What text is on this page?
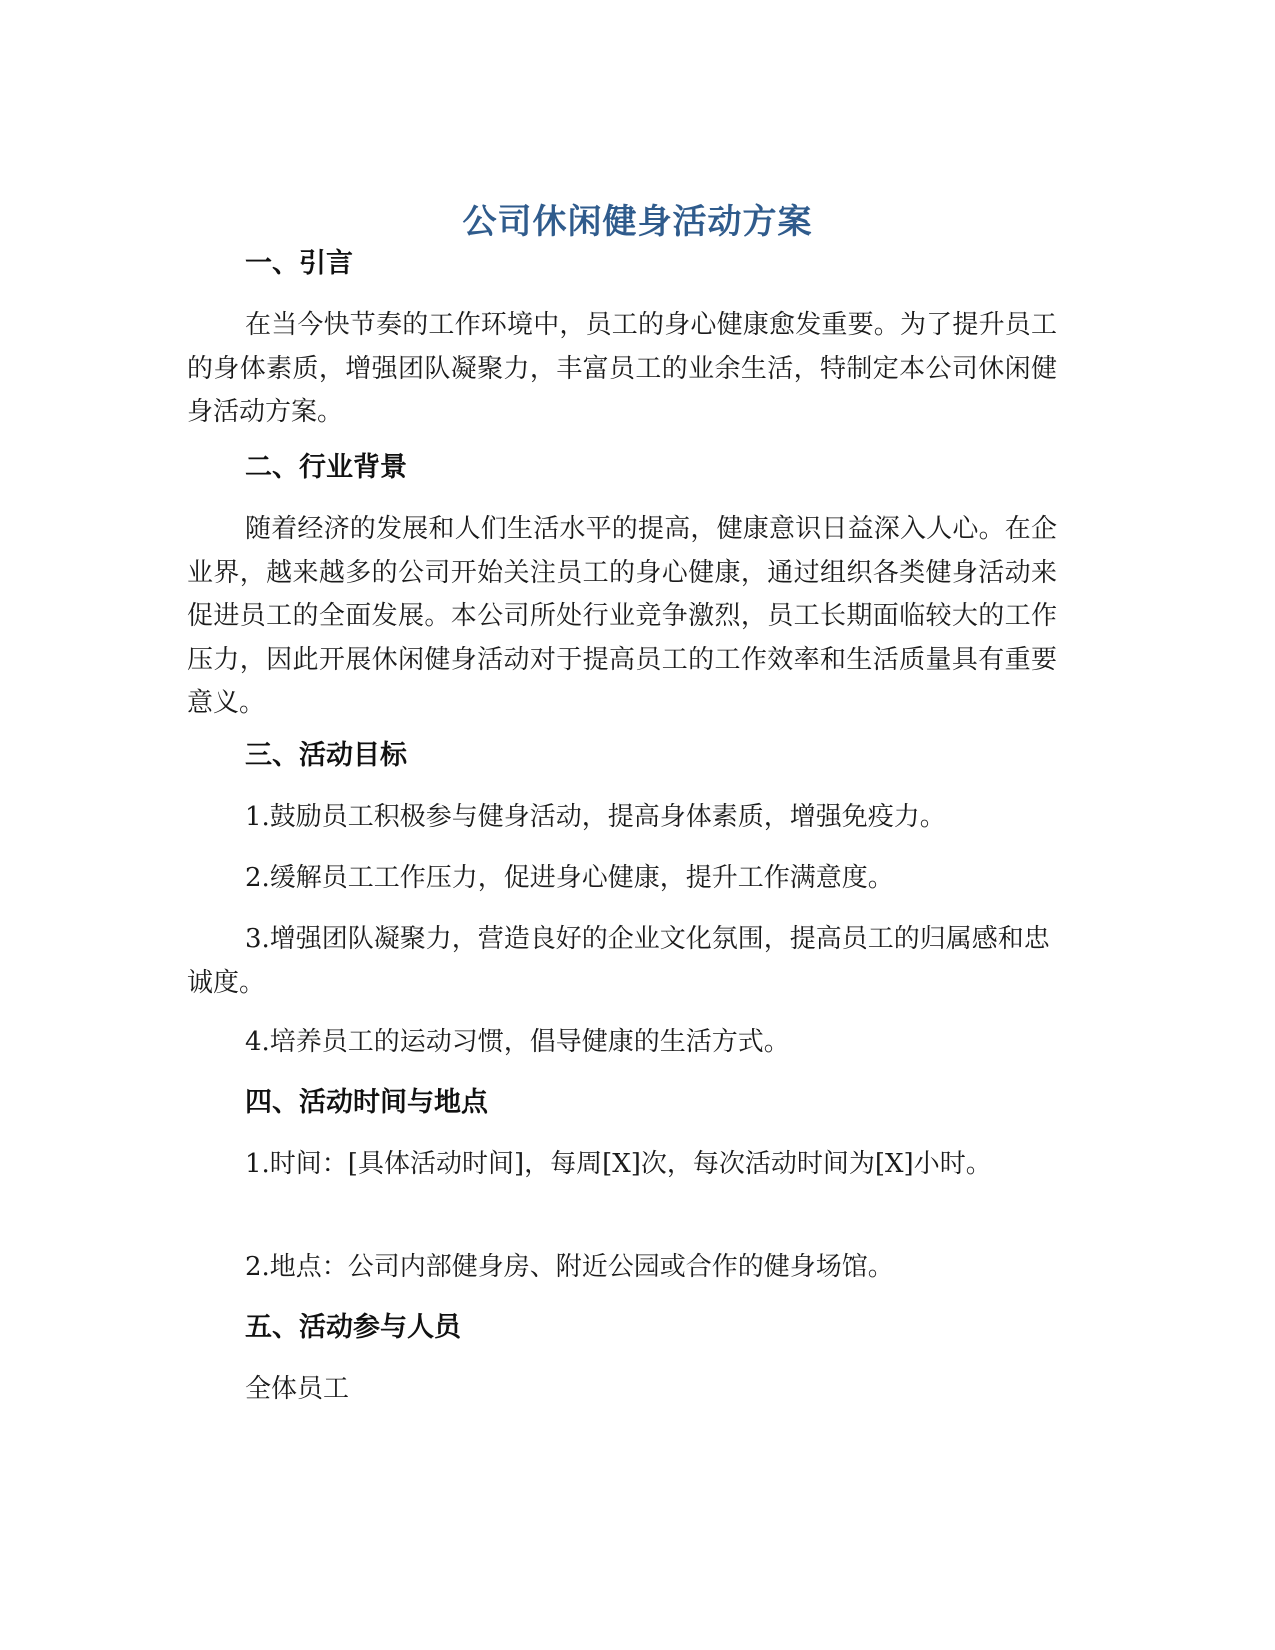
公司休闲健身活动方案
一、引言

在当今快节奏的工作环境中，员工的身心健康愈发重要。为了提升员工的身体素质，增强团队凝聚力，丰富员工的业余生活，特制定本公司休闲健身活动方案。

二、行业背景

随着经济的发展和人们生活水平的提高，健康意识日益深入人心。在企业界，越来越多的公司开始关注员工的身心健康，通过组织各类健身活动来促进员工的全面发展。本公司所处行业竞争激烈，员工长期面临较大的工作压力，因此开展休闲健身活动对于提高员工的工作效率和生活质量具有重要意义。

三、活动目标

1.鼓励员工积极参与健身活动，提高身体素质，增强免疫力。

2.缓解员工工作压力，促进身心健康，提升工作满意度。

3.增强团队凝聚力，营造良好的企业文化氛围，提高员工的归属感和忠诚度。

4.培养员工的运动习惯，倡导健康的生活方式。

四、活动时间与地点

1.时间：[具体活动时间]，每周[X]次，每次活动时间为[X]小时。

2.地点：公司内部健身房、附近公园或合作的健身场馆。

五、活动参与人员

全体员工
